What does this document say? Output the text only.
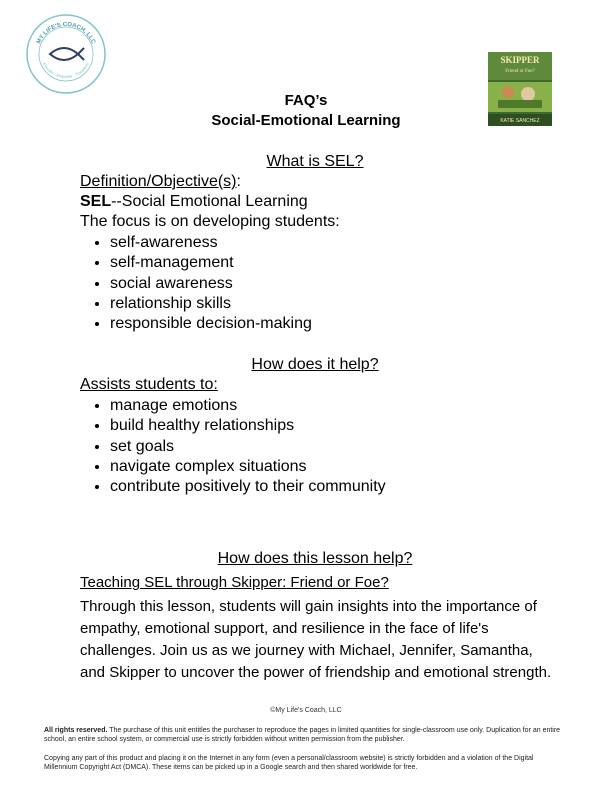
MY LIFE'S COACH, LLC
Educate · Empower · Transform	SKIPPER
Friend or Foe?
KATIE SANCHEZ
FAQ’s
Social-Emotional Learning
What is SEL?
Definition/Objective(s):
SEL--Social Emotional Learning
The focus is on developing students:
• self-awareness
• self-management
• social awareness
• relationship skills
• responsible decision-making
How does it help?
Assists students to:
• manage emotions
• build healthy relationships
• set goals
• navigate complex situations
• contribute positively to their community
How does this lesson help?
Teaching SEL through Skipper: Friend or Foe?
Through this lesson, students will gain insights into the importance of empathy, emotional support, and resilience in the face of life's challenges. Join us as we journey with Michael, Jennifer, Samantha, and Skipper to uncover the power of friendship and emotional strength.
©My Life's Coach, LLC
All rights reserved. The purchase of this unit entitles the purchaser to reproduce the pages in limited quantities for single-classroom use only. Duplication for an entire school, an entire school system, or commercial use is strictly forbidden without written permission from the publisher.
Copying any part of this product and placing it on the Internet in any form (even a personal/classroom website) is strictly forbidden and a violation of the Digital Millennium Copyright Act (DMCA). These items can be picked up in a Google search and then shared worldwide for free.
